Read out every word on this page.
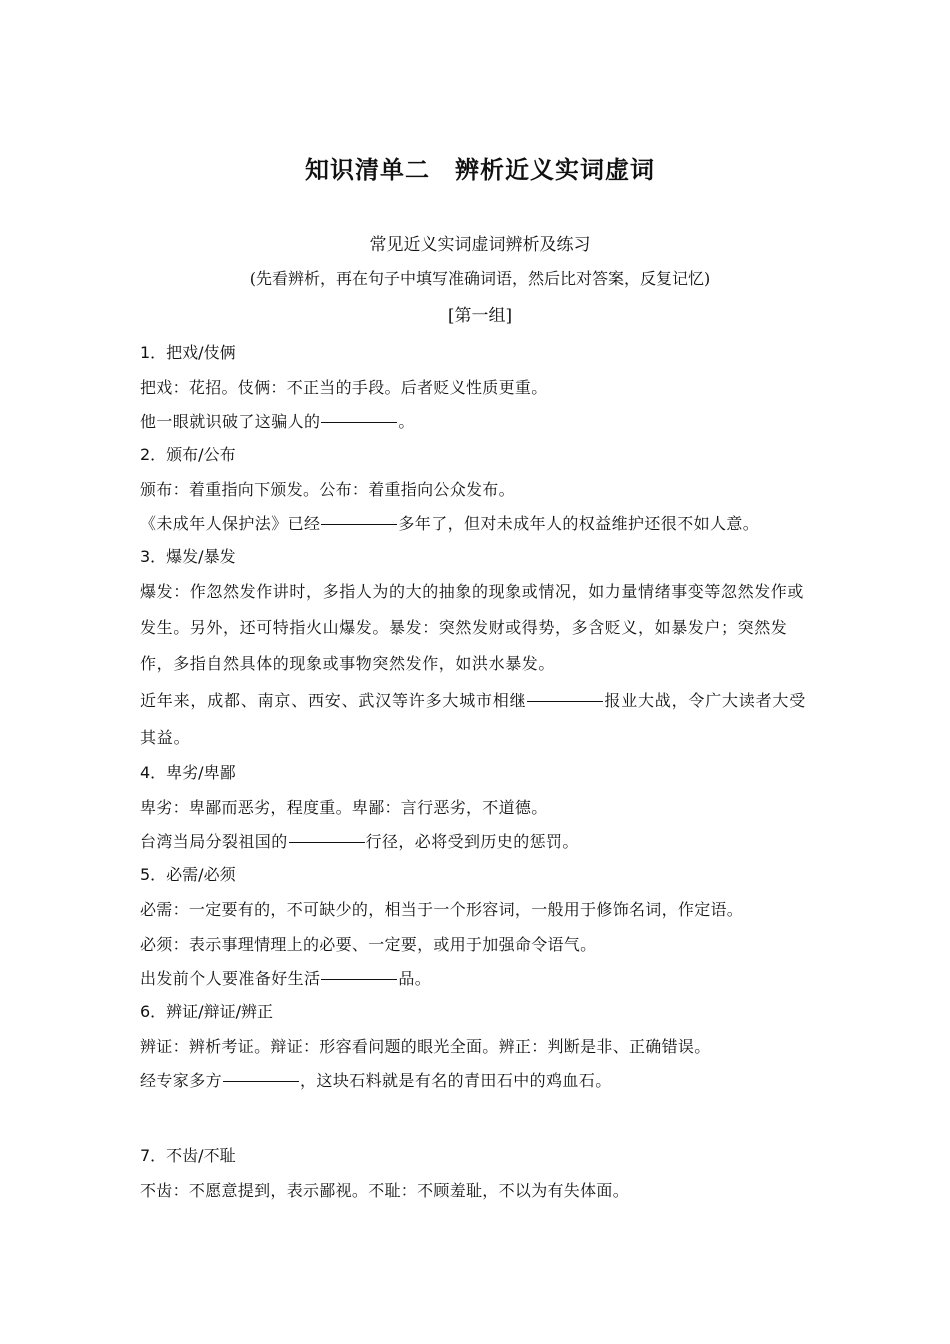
知识清单二　辨析近义实词虚词
常见近义实词虚词辨析及练习
(先看辨析，再在句子中填写准确词语，然后比对答案，反复记忆)
[第一组]
1．把戏/伎俩
把戏：花招。伎俩：不正当的手段。后者贬义性质更重。
他一眼就识破了这骗人的	。
2．颁布/公布
颁布：着重指向下颁发。公布：着重指向公众发布。
《未成年人保护法》已经	多年了，但对未成年人的权益维护还很不如人意。
3．爆发/暴发
爆发：作忽然发作讲时，多指人为的大的抽象的现象或情况，如力量情绪事变等忽然发作或发生。另外，还可特指火山爆发。暴发：突然发财或得势，多含贬义，如暴发户；突然发作，多指自然具体的现象或事物突然发作，如洪水暴发。
近年来，成都、南京、西安、武汉等许多大城市相继	报业大战，令广大读者大受其益。
4．卑劣/卑鄙
卑劣：卑鄙而恶劣，程度重。卑鄙：言行恶劣，不道德。
台湾当局分裂祖国的	行径，必将受到历史的惩罚。
5．必需/必须
必需：一定要有的，不可缺少的，相当于一个形容词，一般用于修饰名词，作定语。
必须：表示事理情理上的必要、一定要，或用于加强命令语气。
出发前个人要准备好生活	品。
6．辨证/辩证/辨正
辨证：辨析考证。辩证：形容看问题的眼光全面。辨正：判断是非、正确错误。
经专家多方	，这块石料就是有名的青田石中的鸡血石。
7．不齿/不耻
不齿：不愿意提到，表示鄙视。不耻：不顾羞耻，不以为有失体面。
